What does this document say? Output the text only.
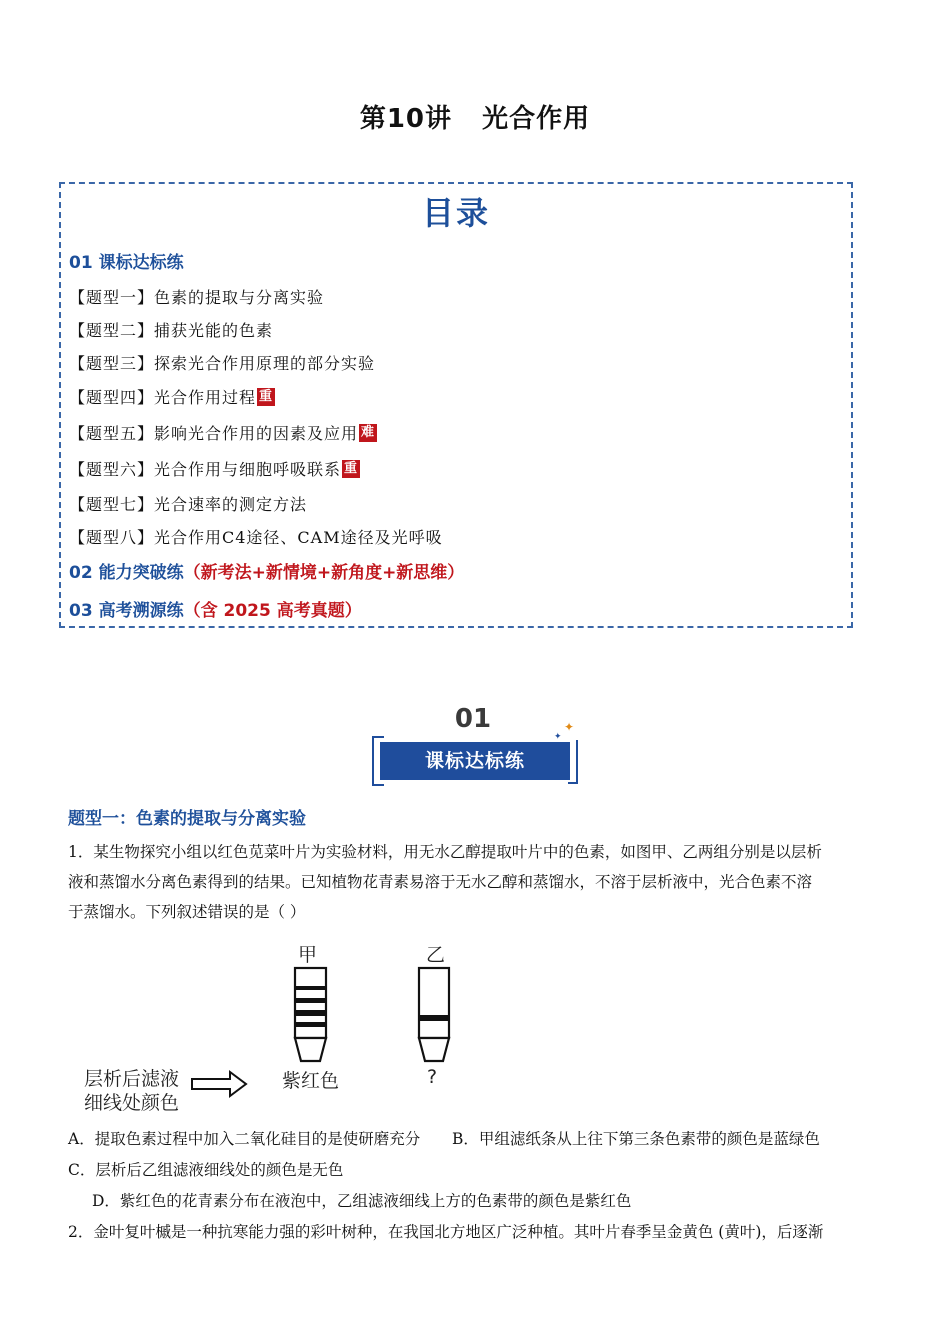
第10讲   光合作用
目录
01 课标达标练
【题型一】色素的提取与分离实验
【题型二】捕获光能的色素
【题型三】探索光合作用原理的部分实验
【题型四】光合作用过程 重
【题型五】影响光合作用的因素及应用 难
【题型六】光合作用与细胞呼吸联系 重
【题型七】光合速率的测定方法
【题型八】光合作用C4途径、CAM途径及光呼吸
02 能力突破练（新考法+新情境+新角度+新思维）
03 高考溯源练（含 2025 高考真题）
01
课标达标练
✦
✦
题型一：色素的提取与分离实验
1．某生物探究小组以红色苋菜叶片为实验材料，用无水乙醇提取叶片中的色素，如图甲、乙两组分别是以层析
液和蒸馏水分离色素得到的结果。已知植物花青素易溶于无水乙醇和蒸馏水，不溶于层析液中，光合色素不溶
于蒸馏水。下列叙述错误的是（ ）
甲	乙
层析后滤液
细线处颜色
紫红色	?
A．提取色素过程中加入二氧化硅目的是使研磨充分 B．甲组滤纸条从上往下第三条色素带的颜色是蓝绿色
C．层析后乙组滤液细线处的颜色是无色
D．紫红色的花青素分布在液泡中，乙组滤液细线上方的色素带的颜色是紫红色
2．金叶复叶槭是一种抗寒能力强的彩叶树种，在我国北方地区广泛种植。其叶片春季呈金黄色 (黄叶)，后逐渐
